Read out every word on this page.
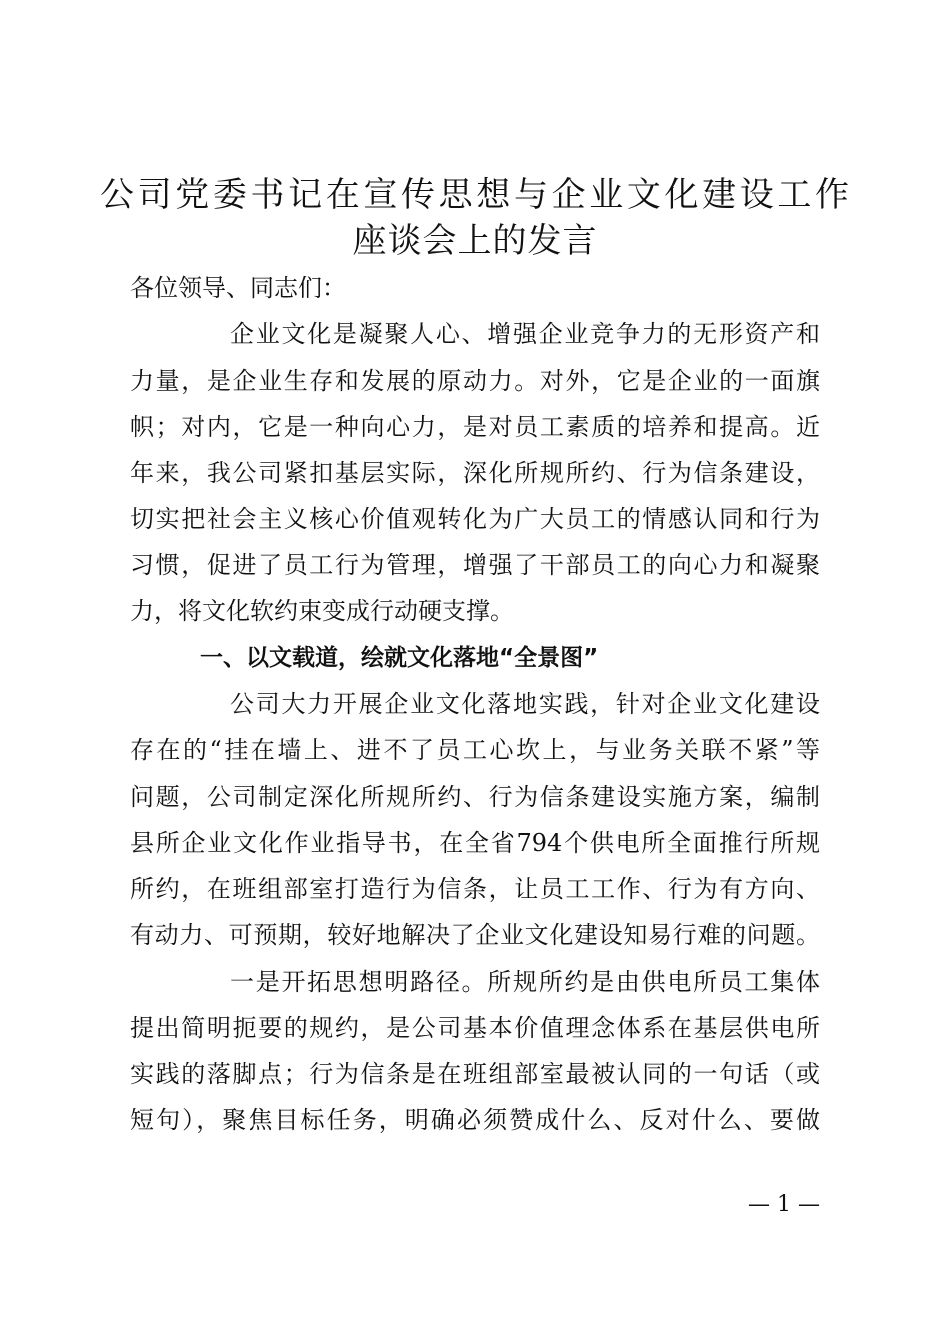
公司党委书记在宣传思想与企业文化建设工作
座谈会上的发言
各位领导、同志们：
企业文化是凝聚人心、增强企业竞争力的无形资产和
力量，是企业生存和发展的原动力。对外，它是企业的一面旗
帜；对内，它是一种向心力，是对员工素质的培养和提高。近
年来，我公司紧扣基层实际，深化所规所约、行为信条建设，
切实把社会主义核心价值观转化为广大员工的情感认同和行为
习惯，促进了员工行为管理，增强了干部员工的向心力和凝聚
力，将文化软约束变成行动硬支撑。
一、以文载道，绘就文化落地“全景图”
公司大力开展企业文化落地实践，针对企业文化建设
存在的“挂在墙上、进不了员工心坎上，与业务关联不紧”等
问题，公司制定深化所规所约、行为信条建设实施方案，编制
县所企业文化作业指导书，在全省794个供电所全面推行所规
所约，在班组部室打造行为信条，让员工工作、行为有方向、
有动力、可预期，较好地解决了企业文化建设知易行难的问题。
一是开拓思想明路径。所规所约是由供电所员工集体
提出简明扼要的规约，是公司基本价值理念体系在基层供电所
实践的落脚点；行为信条是在班组部室最被认同的一句话（或
短句），聚焦目标任务，明确必须赞成什么、反对什么、要做
— 1 —
